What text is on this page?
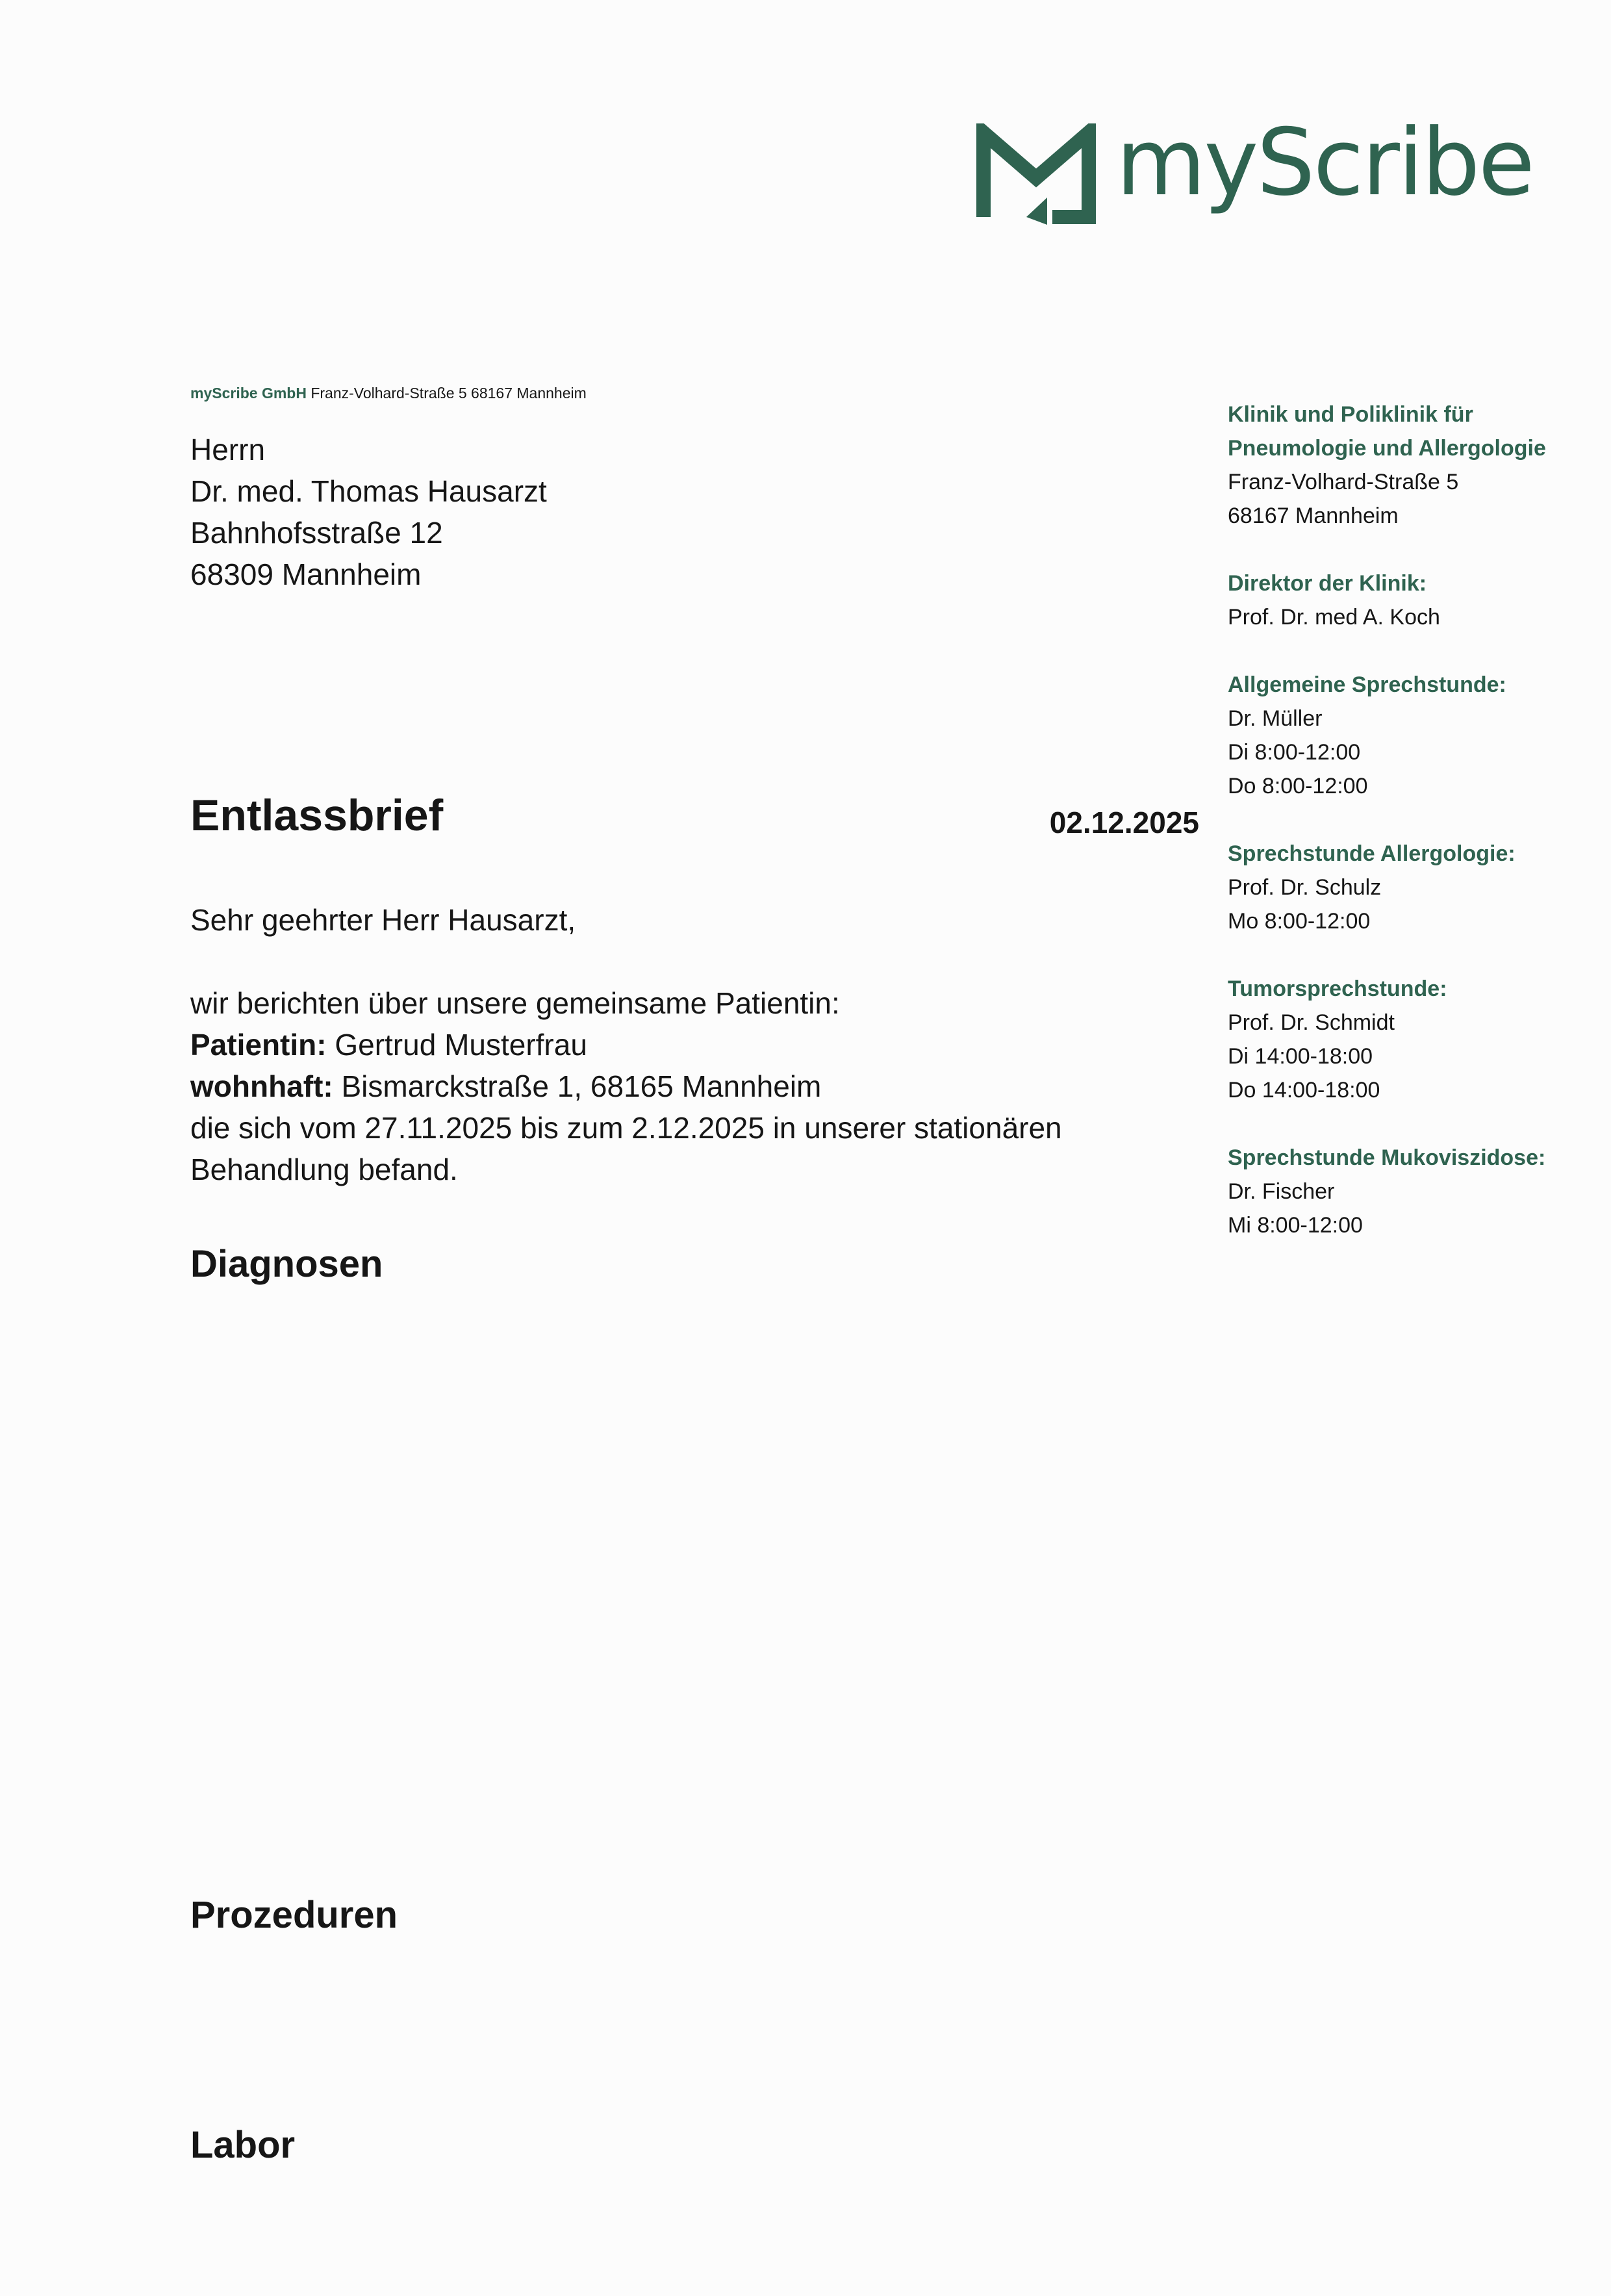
myScribe
myScribe GmbH Franz-Volhard-Straße 5 68167 Mannheim
Herrn
Dr. med. Thomas Hausarzt
Bahnhofsstraße 12
68309 Mannheim
Klinik und Poliklinik für
Pneumologie und Allergologie
Franz-Volhard-Straße 5
68167 Mannheim
Direktor der Klinik:
Prof. Dr. med A. Koch
Allgemeine Sprechstunde:
Dr. Müller
Di 8:00-12:00
Do 8:00-12:00
Sprechstunde Allergologie:
Prof. Dr. Schulz
Mo 8:00-12:00
Tumorsprechstunde:
Prof. Dr. Schmidt
Di 14:00-18:00
Do 14:00-18:00
Sprechstunde Mukoviszidose:
Dr. Fischer
Mi 8:00-12:00
Entlassbrief	02.12.2025
Sehr geehrter Herr Hausarzt,
wir berichten über unsere gemeinsame Patientin:
Patientin: Gertrud Musterfrau
wohnhaft: Bismarckstraße 1, 68165 Mannheim
die sich vom 27.11.2025 bis zum 2.12.2025 in unserer stationären Behandlung befand.
Diagnosen
Prozeduren
Labor
